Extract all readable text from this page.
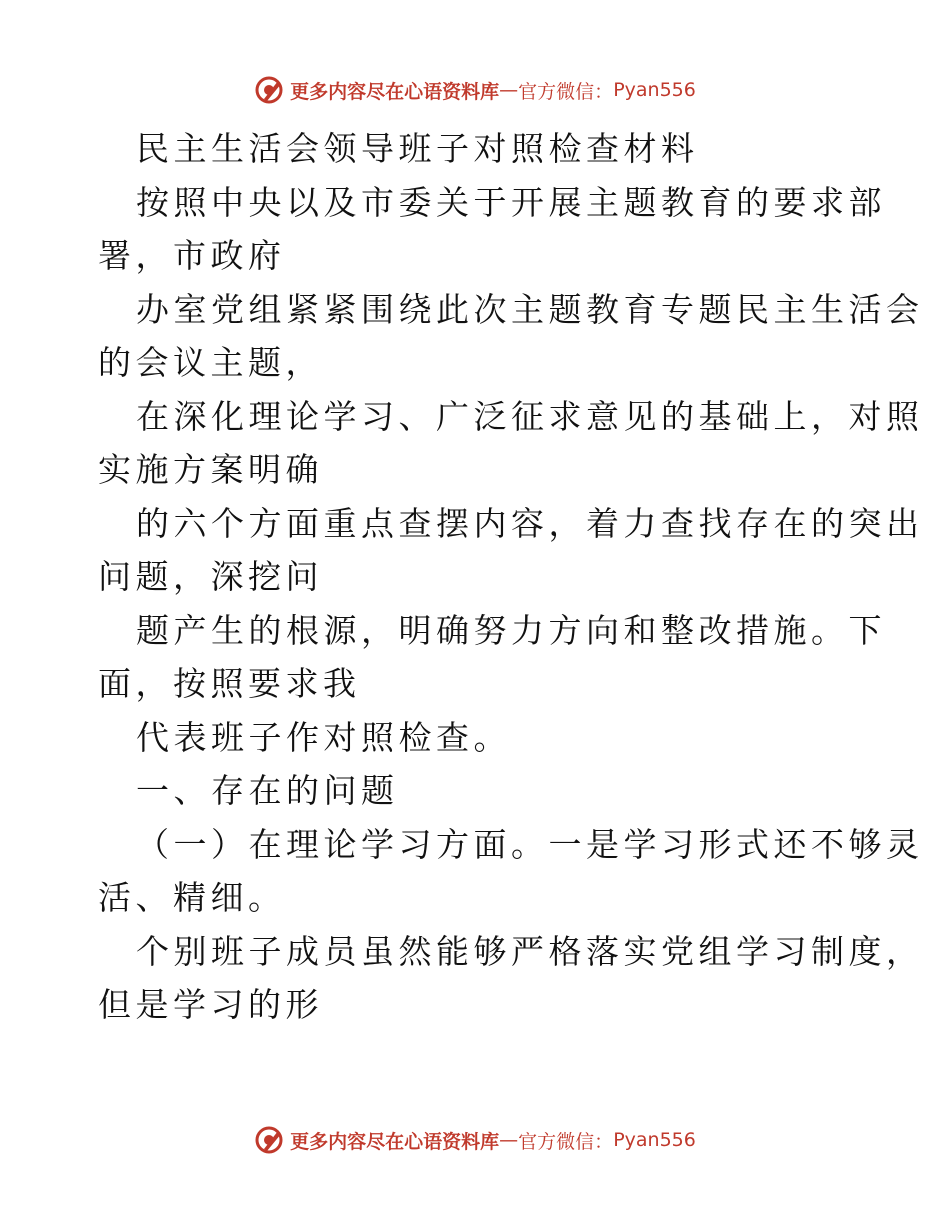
更多内容尽在心语资料库 — 官方微信： Pyan556
民主生活会领导班子对照检查材料
按照中央以及市委关于开展主题教育的要求部
署，市政府
办室党组紧紧围绕此次主题教育专题民主生活会
的会议主题，
在深化理论学习、广泛征求意见的基础上，对照
实施方案明确
的六个方面重点查摆内容，着力查找存在的突出
问题，深挖问
题产生的根源，明确努力方向和整改措施。下
面，按照要求我
代表班子作对照检查。
一、存在的问题
（一）在理论学习方面。一是学习形式还不够灵
活、精细。
个别班子成员虽然能够严格落实党组学习制度，
但是学习的形
更多内容尽在心语资料库 — 官方微信： Pyan556
